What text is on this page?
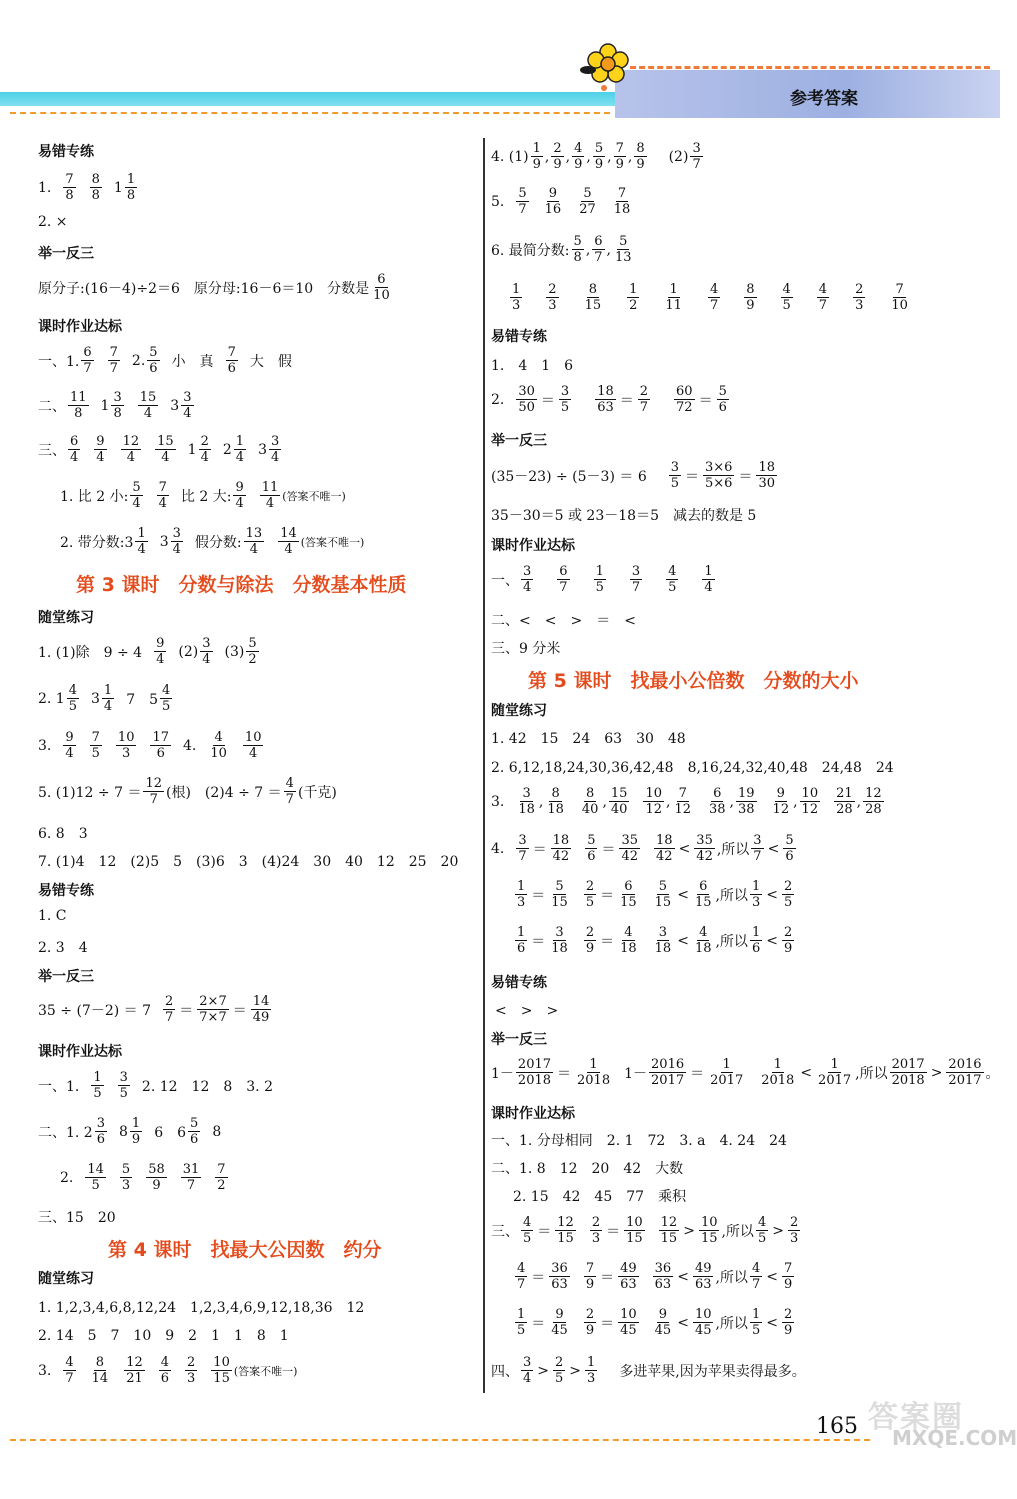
参考答案
易错专练
1. $\frac{7}{8} \frac{8}{8} 1 \frac{1}{8}$
2. ×
举一反三
原分子:(16－4)÷2＝6　原分母:16－6＝10　分数是 $\frac{6}{10}$
课时作业达标
一、1. $\frac{6}{7} \frac{7}{7} 2$. $\frac{5}{6}$ 小　真 $\frac{7}{6}$ 大　假
二、 $\frac{11}{8} 1 \frac{3}{8} \frac{15}{4} 3 \frac{3}{4}$
三、 $\frac{6}{4} \frac{9}{4} \frac{12}{4} \frac{15}{4} 1 \frac{2}{4} 2 \frac{1}{4} 3 \frac{3}{4}$
1. 比 2 小: $\frac{5}{4} \frac{7}{4}$ 比 2 大: $\frac{9}{4} \frac{11}{4}$ (答案不唯一)
2. 带分数:3 $\frac{1}{4} 3 \frac{3}{4}$ 假分数: $\frac{13}{4} \frac{14}{4}$ (答案不唯一)
第 3 课时　分数与除法　分数基本性质
随堂练习
1. (1)除　$9 \div 4 \frac{9}{4} (2) \frac{3}{4} (3) \frac{5}{2}$
2. $1 \frac{4}{5} 3 \frac{1}{4} 7$　$5 \frac{4}{5}$
3. $\frac{9}{4} \frac{7}{5} \frac{10}{3} \frac{17}{6} 4$. $\frac{4}{10} \frac{10}{4}$
5. $(1)12 \div 7 = \frac{12}{7}$ (根)　$(2)4 \div 7 = \frac{4}{7}$ (千克)
6. 8　3
7. (1)4　12　(2)5　5　(3)6　3　(4)24　30　40　12　25　20
易错专练
1. C
2. 3　4
举一反三
$35 \div (7-2) = 7 \frac{2}{7} = \frac{2\times 7}{7\times 7} = \frac{14}{49}$
课时作业达标
一、1. $\frac{1}{5} \frac{3}{5} 2$. 12　12　8　3. 2
二、1. $2 \frac{3}{6} 8 \frac{1}{9} 6$　$6 \frac{5}{6} 8$
2. $\frac{14}{5} \frac{5}{3} \frac{58}{9} \frac{31}{7} \frac{7}{2}$
三、15　20
第 4 课时　找最大公因数　约分
随堂练习
1. 1,2,3,4,6,8,12,24　1,2,3,4,6,9,12,18,36　12
2. 14　5　7　10　9　2　1　1　8　1
3. $\frac{4}{7} \frac{8}{14} \frac{12}{21} \frac{4}{6} \frac{2}{3} \frac{10}{15}$ (答案不唯一)
4. $(1) \frac{1}{9}$ , $\frac{2}{9}$ , $\frac{4}{9}$ , $\frac{5}{9}$ , $\frac{7}{9}$ , $\frac{8}{9} (2) \frac{3}{7}$
5. $\frac{5}{7} \frac{9}{16} \frac{5}{27} \frac{7}{18}$
6. 最简分数: $\frac{5}{8}$ , $\frac{6}{7}$ , $\frac{5}{13}$
$\frac{1}{3} \frac{2}{3} \frac{8}{15} \frac{1}{2} \frac{1}{11} \frac{4}{7} \frac{8}{9} \frac{4}{5} \frac{4}{7} \frac{2}{3} \frac{7}{10}$
易错专练
1.　4　1　6
2. $\frac{30}{50} = \frac{3}{5} \frac{18}{63} = \frac{2}{7} \frac{60}{72} = \frac{5}{6}$
举一反三
$(35-23) \div (5-3) = 6 \frac{3}{5} = \frac{3\times 6}{5\times 6} = \frac{18}{30}$
35－30＝5 或 23－18＝5　减去的数是 5
课时作业达标
一、 $\frac{3}{4} \frac{6}{7} \frac{1}{5} \frac{3}{7} \frac{4}{5} \frac{1}{4}$
二、<　<　>　＝　<
三、9 分米
第 5 课时　找最小公倍数　分数的大小
随堂练习
1. 42　15　24　63　30　48
2. 6,12,18,24,30,36,42,48　8,16,24,32,40,48　24,48　24
3. $\frac{3}{18}$ , $\frac{8}{18} \frac{8}{40}$ , $\frac{15}{40} \frac{10}{12}$ , $\frac{7}{12} \frac{6}{38}$ , $\frac{19}{38} \frac{9}{12}$ , $\frac{10}{12} \frac{21}{28}$ , $\frac{12}{28}$
4. $\frac{3}{7} = \frac{18}{42} \frac{5}{6} = \frac{35}{42} \frac{18}{42} < \frac{35}{42}$ ,所以 $\frac{3}{7} < \frac{5}{6}$
$\frac{1}{3} = \frac{5}{15} \frac{2}{5} = \frac{6}{15} \frac{5}{15} < \frac{6}{15}$ ,所以 $\frac{1}{3} < \frac{2}{5}$
$\frac{1}{6} = \frac{3}{18} \frac{2}{9} = \frac{4}{18} \frac{3}{18} < \frac{4}{18}$ ,所以 $\frac{1}{6} < \frac{2}{9}$
易错专练
<　>　>
举一反三
$1- \frac{2017}{2018} = \frac{1}{2018} 1- \frac{2016}{2017} = \frac{1}{2017} \frac{1}{2018} < \frac{1}{2017}$ ,所以 $\frac{2017}{2018} > \frac{2016}{2017}$ 。
课时作业达标
一、1. 分母相同　2. 1　72　3. a　4. 24　24
二、1. 8　12　20　42　大数
2. 15　42　45　77　乘积
三、 $\frac{4}{5} = \frac{12}{15} \frac{2}{3} = \frac{10}{15} \frac{12}{15} > \frac{10}{15}$ ,所以 $\frac{4}{5} > \frac{2}{3}$
$\frac{4}{7} = \frac{36}{63} \frac{7}{9} = \frac{49}{63} \frac{36}{63} < \frac{49}{63}$ ,所以 $\frac{4}{7} < \frac{7}{9}$
$\frac{1}{5} = \frac{9}{45} \frac{2}{9} = \frac{10}{45} \frac{9}{45} < \frac{10}{45}$ ,所以 $\frac{1}{5} < \frac{2}{9}$
四、 $\frac{3}{4} > \frac{2}{5} > \frac{1}{3}$ 多进苹果,因为苹果卖得最多。
165 答案圈
MXQE.COM
